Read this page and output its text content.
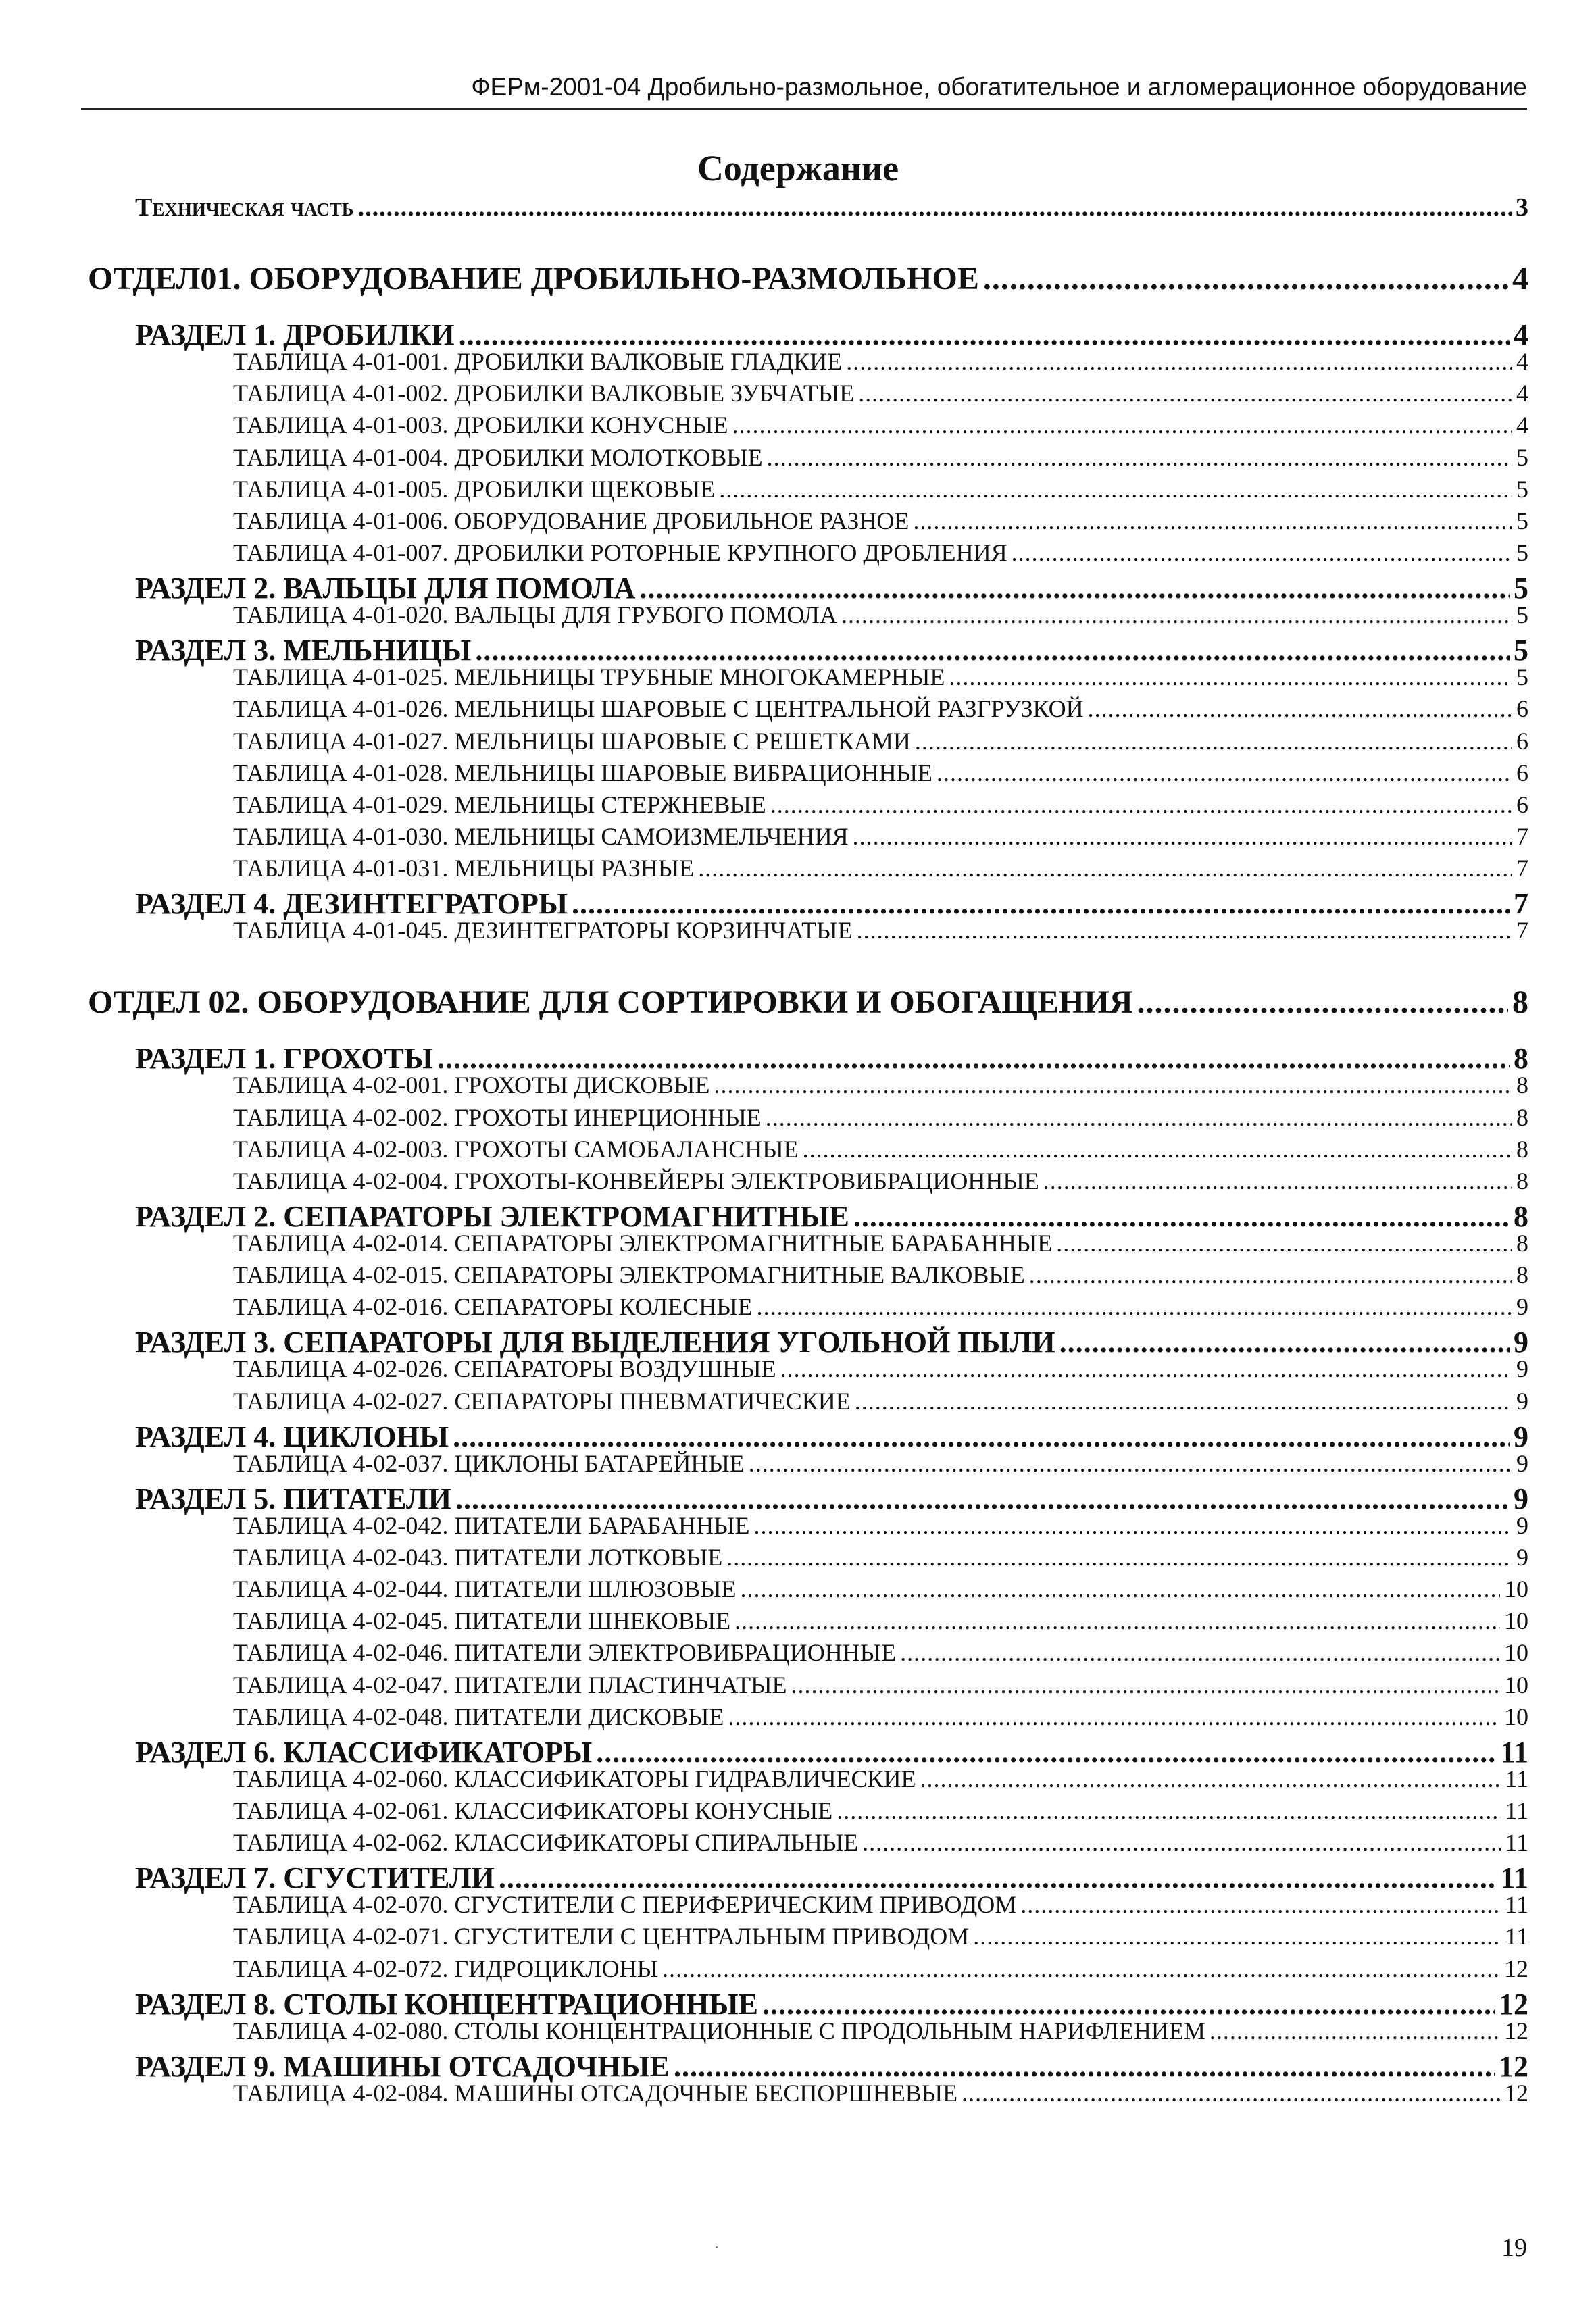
ФЕРм-2001-04 Дробильно-размольное, обогатительное и агломерационное оборудование
Содержание
Техническая часть .....	3
ОТДЕЛ01. ОБОРУДОВАНИЕ ДРОБИЛЬНО-РАЗМОЛЬНОЕ .....	4
РАЗДЕЛ 1. ДРОБИЛКИ .....	4
ТАБЛИЦА 4-01-001. ДРОБИЛКИ ВАЛКОВЫЕ ГЛАДКИЕ .....	4
ТАБЛИЦА 4-01-002. ДРОБИЛКИ ВАЛКОВЫЕ ЗУБЧАТЫЕ .....	4
ТАБЛИЦА 4-01-003. ДРОБИЛКИ КОНУСНЫЕ .....	4
ТАБЛИЦА 4-01-004. ДРОБИЛКИ МОЛОТКОВЫЕ .....	5
ТАБЛИЦА 4-01-005. ДРОБИЛКИ ЩЕКОВЫЕ .....	5
ТАБЛИЦА 4-01-006. ОБОРУДОВАНИЕ ДРОБИЛЬНОЕ РАЗНОЕ .....	5
ТАБЛИЦА 4-01-007. ДРОБИЛКИ РОТОРНЫЕ КРУПНОГО ДРОБЛЕНИЯ .....	5
РАЗДЕЛ 2. ВАЛЬЦЫ ДЛЯ ПОМОЛА .....	5
ТАБЛИЦА 4-01-020. ВАЛЬЦЫ ДЛЯ ГРУБОГО ПОМОЛА .....	5
РАЗДЕЛ 3. МЕЛЬНИЦЫ .....	5
ТАБЛИЦА 4-01-025. МЕЛЬНИЦЫ ТРУБНЫЕ МНОГОКАМЕРНЫЕ .....	5
ТАБЛИЦА 4-01-026. МЕЛЬНИЦЫ ШАРОВЫЕ С ЦЕНТРАЛЬНОЙ РАЗГРУЗКОЙ .....	6
ТАБЛИЦА 4-01-027. МЕЛЬНИЦЫ ШАРОВЫЕ С РЕШЕТКАМИ .....	6
ТАБЛИЦА 4-01-028. МЕЛЬНИЦЫ ШАРОВЫЕ ВИБРАЦИОННЫЕ .....	6
ТАБЛИЦА 4-01-029. МЕЛЬНИЦЫ СТЕРЖНЕВЫЕ .....	6
ТАБЛИЦА 4-01-030. МЕЛЬНИЦЫ САМОИЗМЕЛЬЧЕНИЯ .....	7
ТАБЛИЦА 4-01-031. МЕЛЬНИЦЫ РАЗНЫЕ .....	7
РАЗДЕЛ 4. ДЕЗИНТЕГРАТОРЫ .....	7
ТАБЛИЦА 4-01-045. ДЕЗИНТЕГРАТОРЫ КОРЗИНЧАТЫЕ .....	7
ОТДЕЛ 02. ОБОРУДОВАНИЕ ДЛЯ СОРТИРОВКИ И ОБОГАЩЕНИЯ .....	8
РАЗДЕЛ 1. ГРОХОТЫ .....	8
ТАБЛИЦА 4-02-001. ГРОХОТЫ ДИСКОВЫЕ .....	8
ТАБЛИЦА 4-02-002. ГРОХОТЫ ИНЕРЦИОННЫЕ .....	8
ТАБЛИЦА 4-02-003. ГРОХОТЫ САМОБАЛАНСНЫЕ .....	8
ТАБЛИЦА 4-02-004. ГРОХОТЫ-КОНВЕЙЕРЫ ЭЛЕКТРОВИБРАЦИОННЫЕ .....	8
РАЗДЕЛ 2. СЕПАРАТОРЫ ЭЛЕКТРОМАГНИТНЫЕ .....	8
ТАБЛИЦА 4-02-014. СЕПАРАТОРЫ ЭЛЕКТРОМАГНИТНЫЕ БАРАБАННЫЕ .....	8
ТАБЛИЦА 4-02-015. СЕПАРАТОРЫ ЭЛЕКТРОМАГНИТНЫЕ ВАЛКОВЫЕ .....	8
ТАБЛИЦА 4-02-016. СЕПАРАТОРЫ КОЛЕСНЫЕ .....	9
РАЗДЕЛ 3. СЕПАРАТОРЫ ДЛЯ ВЫДЕЛЕНИЯ УГОЛЬНОЙ ПЫЛИ .....	9
ТАБЛИЦА 4-02-026. СЕПАРАТОРЫ ВОЗДУШНЫЕ .....	9
ТАБЛИЦА 4-02-027. СЕПАРАТОРЫ ПНЕВМАТИЧЕСКИЕ .....	9
РАЗДЕЛ 4. ЦИКЛОНЫ .....	9
ТАБЛИЦА 4-02-037. ЦИКЛОНЫ БАТАРЕЙНЫЕ .....	9
РАЗДЕЛ 5. ПИТАТЕЛИ .....	9
ТАБЛИЦА 4-02-042. ПИТАТЕЛИ БАРАБАННЫЕ .....	9
ТАБЛИЦА 4-02-043. ПИТАТЕЛИ ЛОТКОВЫЕ .....	9
ТАБЛИЦА 4-02-044. ПИТАТЕЛИ ШЛЮЗОВЫЕ .....	10
ТАБЛИЦА 4-02-045. ПИТАТЕЛИ ШНЕКОВЫЕ .....	10
ТАБЛИЦА 4-02-046. ПИТАТЕЛИ ЭЛЕКТРОВИБРАЦИОННЫЕ .....	10
ТАБЛИЦА 4-02-047. ПИТАТЕЛИ ПЛАСТИНЧАТЫЕ .....	10
ТАБЛИЦА 4-02-048. ПИТАТЕЛИ ДИСКОВЫЕ .....	10
РАЗДЕЛ 6. КЛАССИФИКАТОРЫ .....	11
ТАБЛИЦА 4-02-060. КЛАССИФИКАТОРЫ ГИДРАВЛИЧЕСКИЕ .....	11
ТАБЛИЦА 4-02-061. КЛАССИФИКАТОРЫ КОНУСНЫЕ .....	11
ТАБЛИЦА 4-02-062. КЛАССИФИКАТОРЫ СПИРАЛЬНЫЕ .....	11
РАЗДЕЛ 7. СГУСТИТЕЛИ .....	11
ТАБЛИЦА 4-02-070. СГУСТИТЕЛИ С ПЕРИФЕРИЧЕСКИМ ПРИВОДОМ .....	11
ТАБЛИЦА 4-02-071. СГУСТИТЕЛИ С ЦЕНТРАЛЬНЫМ ПРИВОДОМ .....	11
ТАБЛИЦА 4-02-072. ГИДРОЦИКЛОНЫ .....	12
РАЗДЕЛ 8. СТОЛЫ КОНЦЕНТРАЦИОННЫЕ .....	12
ТАБЛИЦА 4-02-080. СТОЛЫ КОНЦЕНТРАЦИОННЫЕ С ПРОДОЛЬНЫМ НАРИФЛЕНИЕМ .....	12
РАЗДЕЛ 9. МАШИНЫ ОТСАДОЧНЫЕ .....	12
ТАБЛИЦА 4-02-084. МАШИНЫ ОТСАДОЧНЫЕ БЕСПОРШНЕВЫЕ .....	12
19
